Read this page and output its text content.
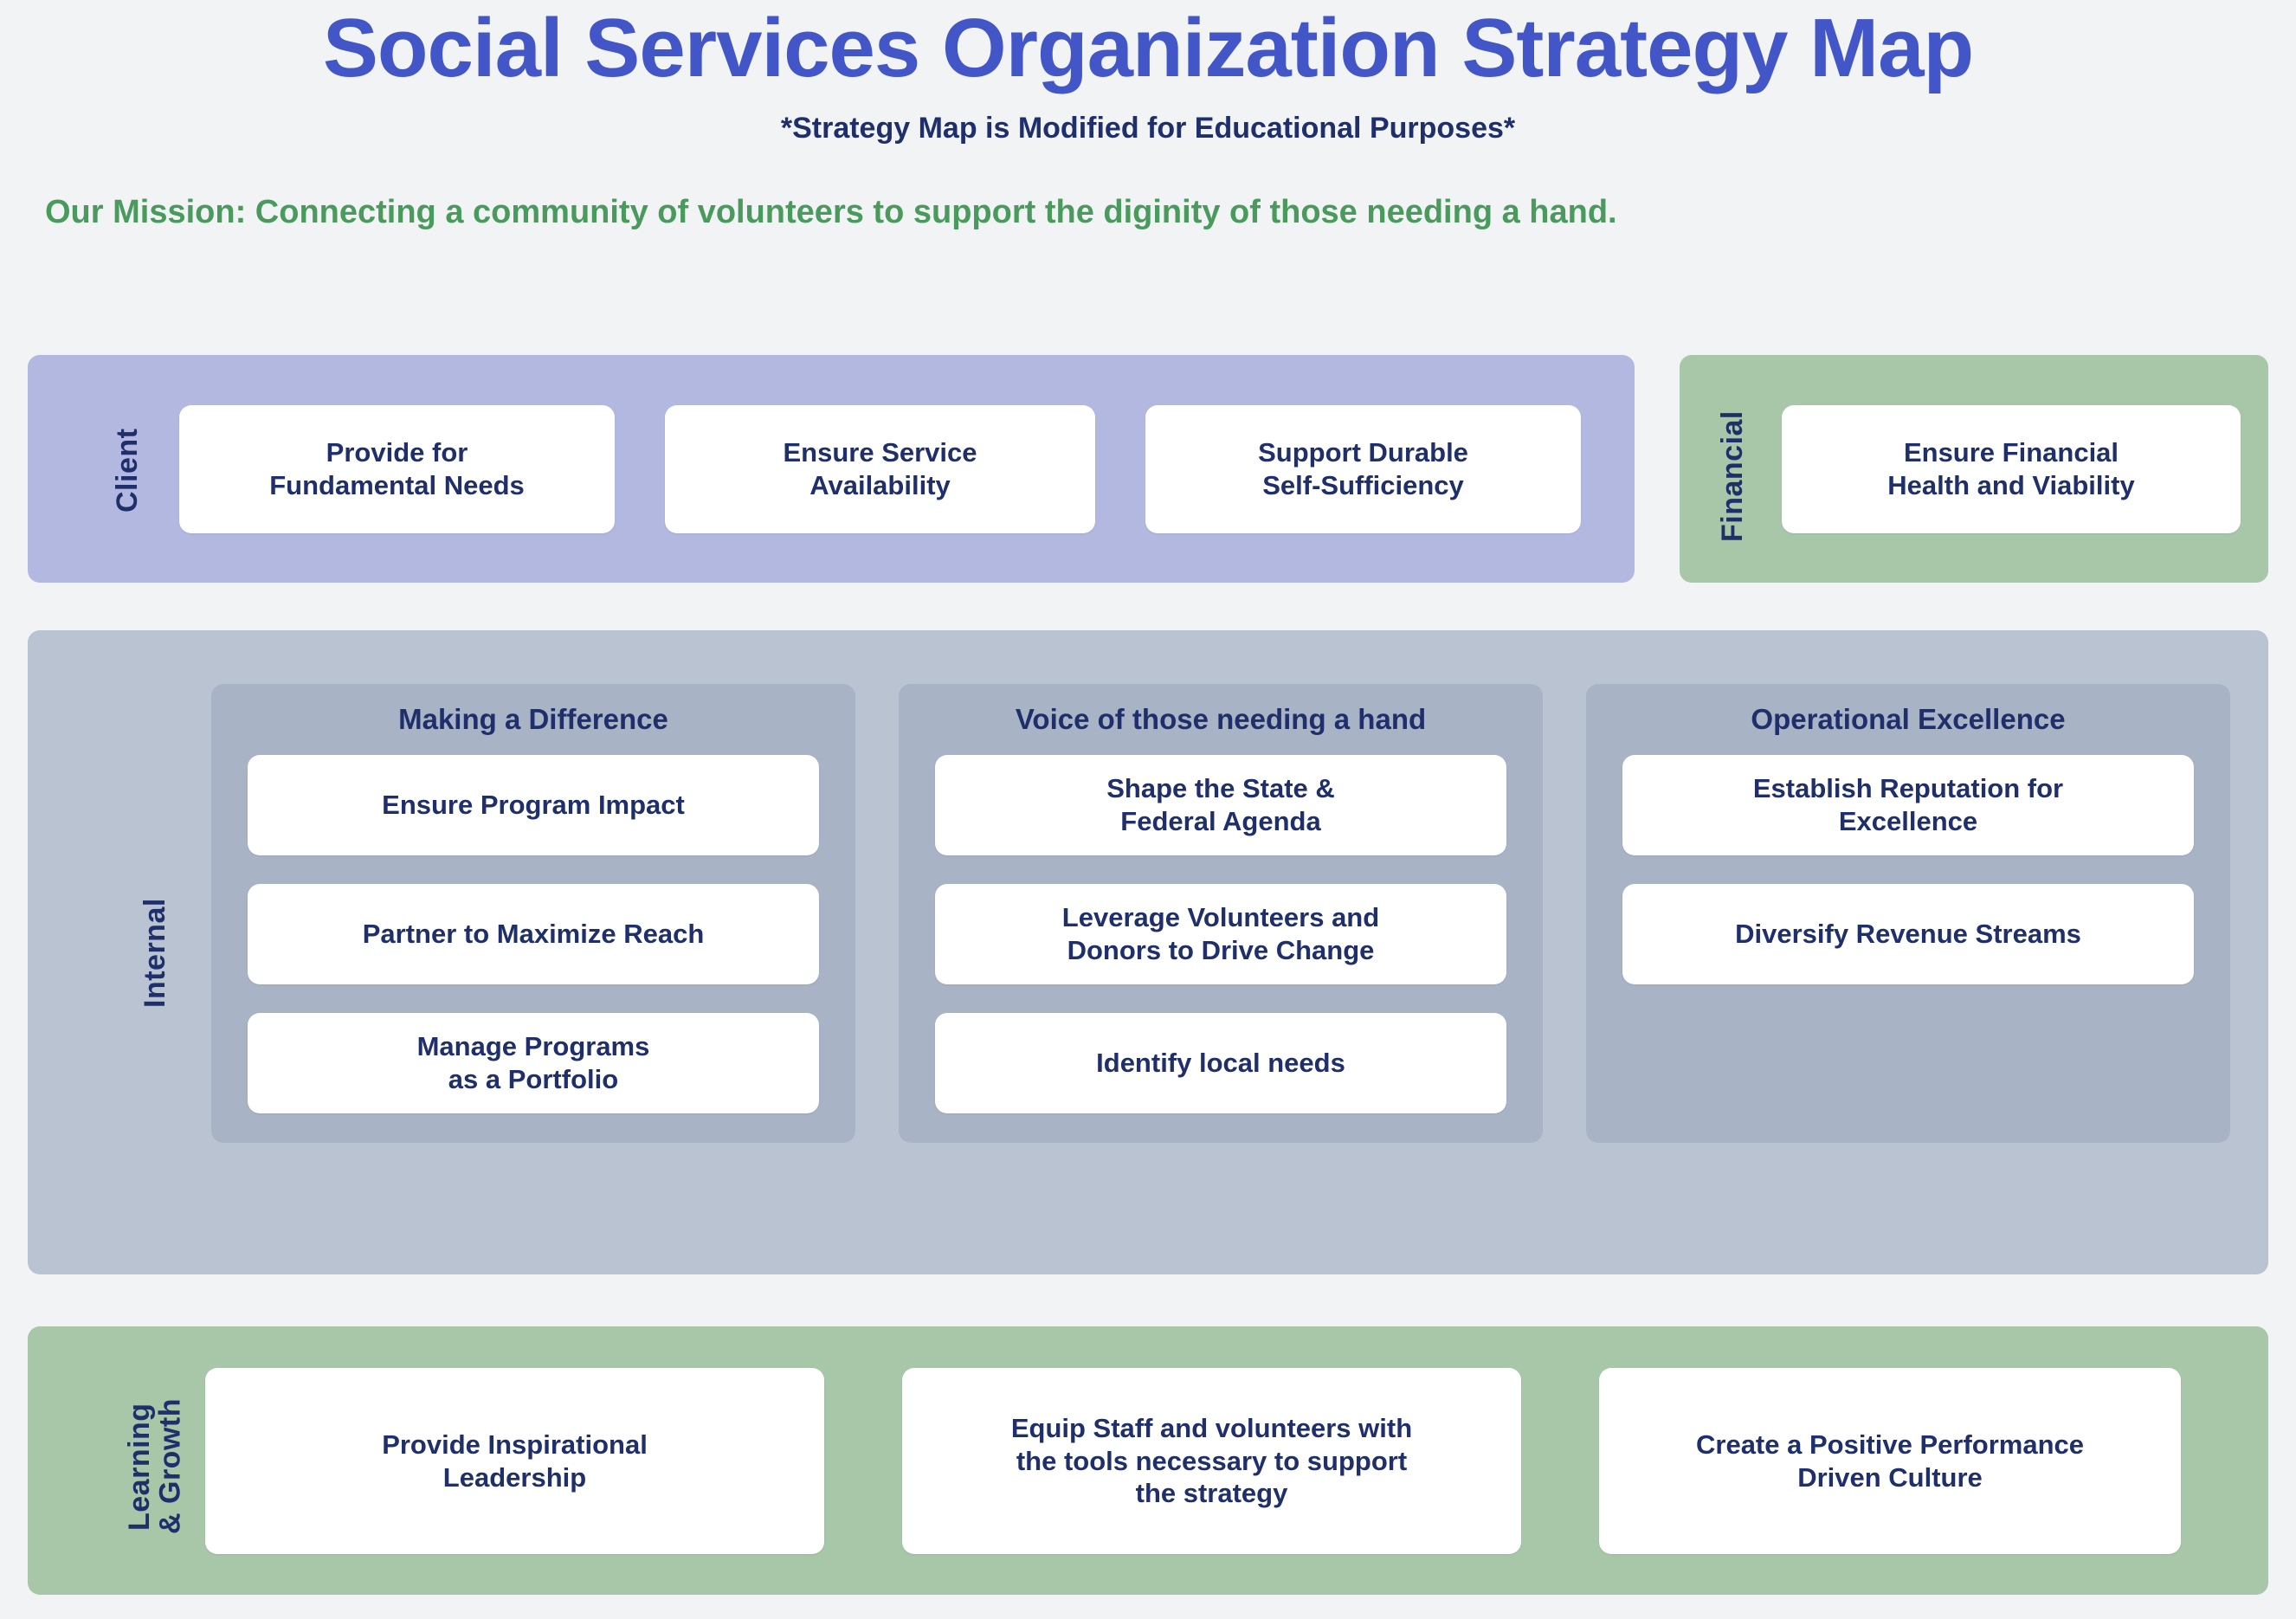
Social Services Organization Strategy Map
*Strategy Map is Modified for Educational Purposes*
Our Mission: Connecting a community of volunteers to support the diginity of those needing a hand.
Client	Provide for
Fundamental Needs
Ensure Service
Availability
Support Durable
Self-Sufficiency	Financial	Ensure Financial
Health and Viability
Internal
Making a Difference
Ensure Program Impact
Partner to Maximize Reach
Manage Programs
as a Portfolio
Voice of those needing a hand
Shape the State &
Federal Agenda
Leverage Volunteers and
Donors to Drive Change
Identify local needs
Operational Excellence
Establish Reputation for
Excellence
Diversify Revenue Streams
Learning
& Growth	Provide Inspirational
Leadership
Equip Staff and volunteers with
the tools necessary to support
the strategy
Create a Positive Performance
Driven Culture
